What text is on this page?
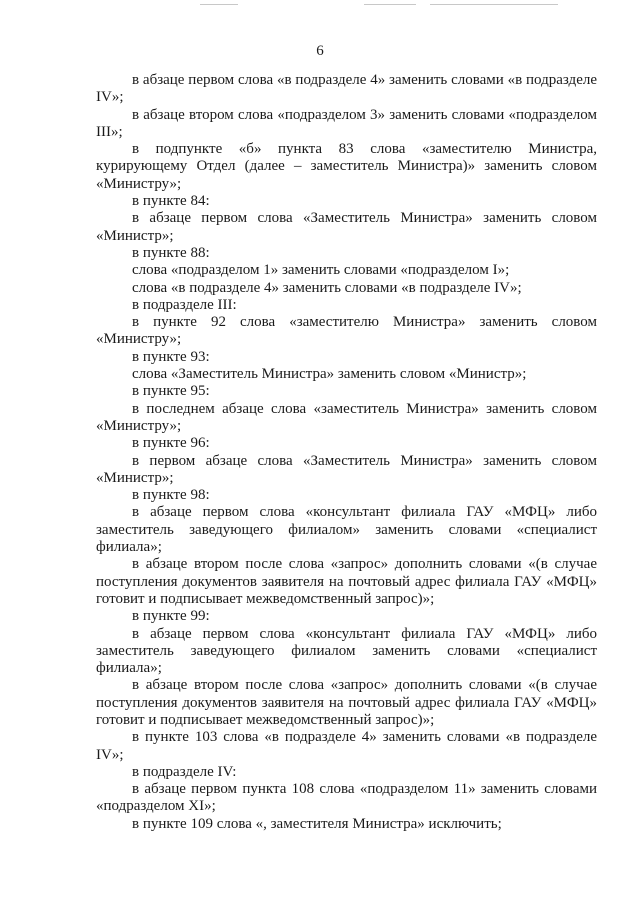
6

в абзаце первом слова «в подразделе 4» заменить словами «в подразделе IV»;

в абзаце втором слова «подразделом 3» заменить словами «подразделом III»;

в подпункте «б» пункта 83 слова «заместителю Министра, курирующему Отдел (далее – заместитель Министра)» заменить словом «Министру»;

в пункте 84:

в абзаце первом слова «Заместитель Министра» заменить словом «Министр»;

в пункте 88:

слова «подразделом 1» заменить словами «подразделом I»;

слова «в подразделе 4» заменить словами «в подразделе IV»;

в подразделе III:

в пункте 92 слова «заместителю Министра» заменить словом «Министру»;

в пункте 93:

слова «Заместитель Министра» заменить словом «Министр»;

в пункте 95:

в последнем абзаце слова «заместитель Министра» заменить словом «Министру»;

в пункте 96:

в первом абзаце слова «Заместитель Министра» заменить словом «Министр»;

в пункте 98:

в абзаце первом слова «консультант филиала ГАУ «МФЦ» либо заместитель заведующего филиалом» заменить словами «специалист филиала»;

в абзаце втором после слова «запрос» дополнить словами «(в случае поступления документов заявителя на почтовый адрес филиала ГАУ «МФЦ» готовит и подписывает межведомственный запрос)»;

в пункте 99:

в абзаце первом слова «консультант филиала ГАУ «МФЦ» либо заместитель заведующего филиалом заменить словами «специалист филиала»;

в абзаце втором после слова «запрос» дополнить словами «(в случае поступления документов заявителя на почтовый адрес филиала ГАУ «МФЦ» готовит и подписывает межведомственный запрос)»;

в пункте 103 слова «в подразделе 4» заменить словами «в подразделе IV»;

в подразделе IV:

в абзаце первом пункта 108 слова «подразделом 11» заменить словами «подразделом XI»;

в пункте 109 слова «, заместителя Министра» исключить;
